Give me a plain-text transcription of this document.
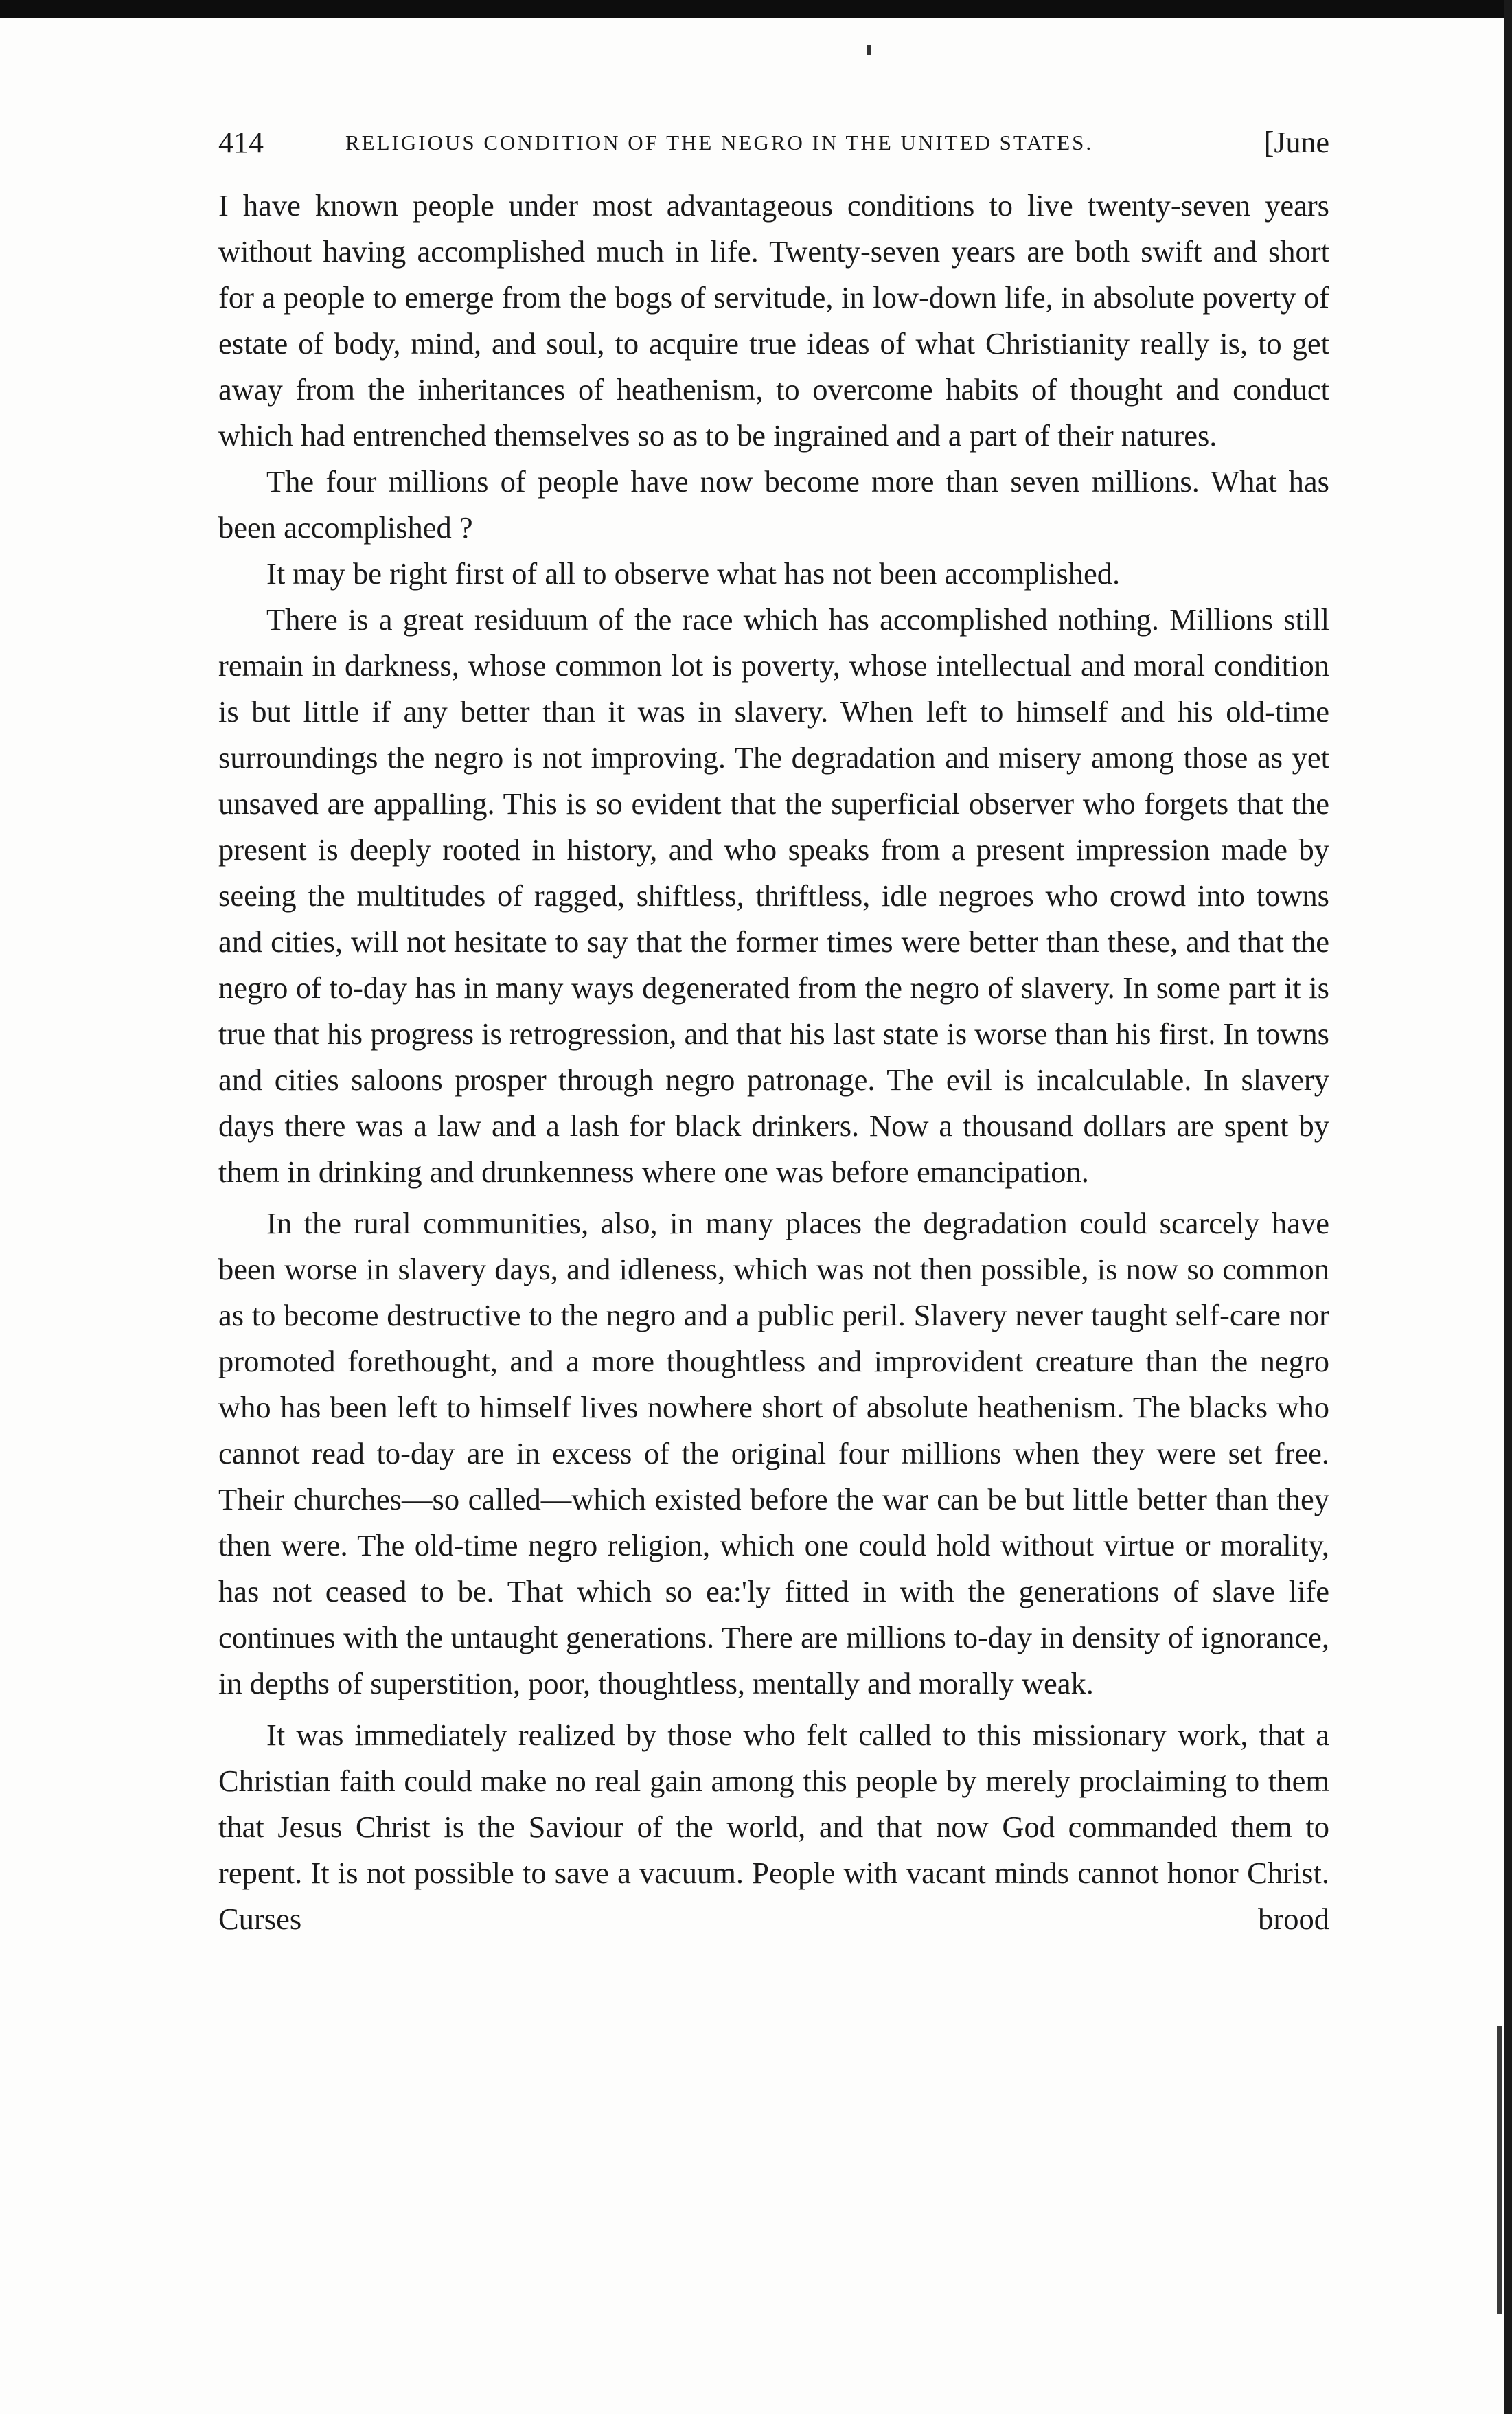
414	RELIGIOUS CONDITION OF THE NEGRO IN THE UNITED STATES.	[June

I have known people under most advantageous conditions to live twenty-seven years without having accomplished much in life. Twenty-seven years are both swift and short for a people to emerge from the bogs of servitude, in low-down life, in absolute poverty of estate of body, mind, and soul, to acquire true ideas of what Christianity really is, to get away from the inheritances of heathenism, to overcome habits of thought and conduct which had entrenched themselves so as to be ingrained and a part of their natures.

The four millions of people have now become more than seven millions. What has been accomplished ?

It may be right first of all to observe what has not been accomplished.

There is a great residuum of the race which has accomplished nothing. Millions still remain in darkness, whose common lot is poverty, whose intellectual and moral condition is but little if any better than it was in slavery. When left to himself and his old-time surroundings the negro is not improving. The degradation and misery among those as yet unsaved are appalling. This is so evident that the superficial observer who forgets that the present is deeply rooted in history, and who speaks from a present impression made by seeing the multitudes of ragged, shiftless, thriftless, idle negroes who crowd into towns and cities, will not hesitate to say that the former times were better than these, and that the negro of to-day has in many ways degenerated from the negro of slavery. In some part it is true that his progress is retrogression, and that his last state is worse than his first. In towns and cities saloons prosper through negro patronage. The evil is incalculable. In slavery days there was a law and a lash for black drinkers. Now a thousand dollars are spent by them in drinking and drunkenness where one was before emancipation.

In the rural communities, also, in many places the degradation could scarcely have been worse in slavery days, and idleness, which was not then possible, is now so common as to become destructive to the negro and a public peril. Slavery never taught self-care nor promoted forethought, and a more thoughtless and improvident creature than the negro who has been left to himself lives nowhere short of absolute heathenism. The blacks who cannot read to-day are in excess of the original four millions when they were set free. Their churches—so called—which existed before the war can be but little better than they then were. The old-time negro religion, which one could hold without virtue or morality, has not ceased to be. That which so ea:'ly fitted in with the generations of slave life continues with the untaught generations. There are millions to-day in density of ignorance, in depths of superstition, poor, thoughtless, mentally and morally weak.

It was immediately realized by those who felt called to this missionary work, that a Christian faith could make no real gain among this people by merely proclaiming to them that Jesus Christ is the Saviour of the world, and that now God commanded them to repent. It is not possible to save a vacuum. People with vacant minds cannot honor Christ. Curses brood
